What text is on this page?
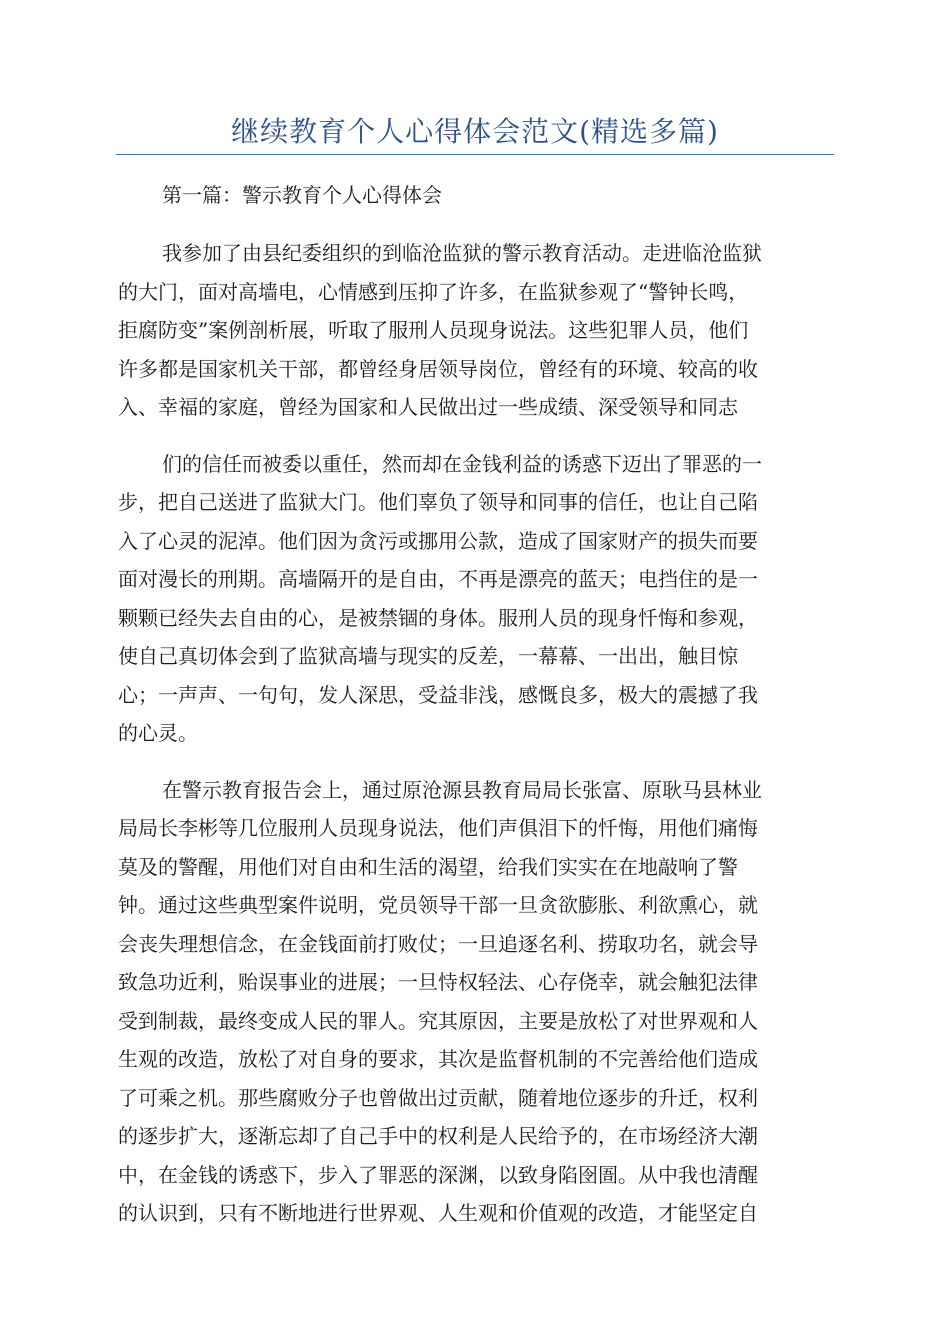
继续教育个人心得体会范文(精选多篇)
第一篇：警示教育个人心得体会
我参加了由县纪委组织的到临沧监狱的警示教育活动。走进临沧监狱
的大门，面对高墙电，心情感到压抑了许多，在监狱参观了“警钟长鸣，
拒腐防变”案例剖析展，听取了服刑人员现身说法。这些犯罪人员，他们
许多都是国家机关干部，都曾经身居领导岗位，曾经有的环境、较高的收
入、幸福的家庭，曾经为国家和人民做出过一些成绩、深受领导和同志
们的信任而被委以重任，然而却在金钱利益的诱惑下迈出了罪恶的一
步，把自己送进了监狱大门。他们辜负了领导和同事的信任，也让自己陷
入了心灵的泥淖。他们因为贪污或挪用公款，造成了国家财产的损失而要
面对漫长的刑期。高墙隔开的是自由，不再是漂亮的蓝天；电挡住的是一
颗颗已经失去自由的心，是被禁锢的身体。服刑人员的现身忏悔和参观，
使自己真切体会到了监狱高墙与现实的反差，一幕幕、一出出，触目惊
心；一声声、一句句，发人深思，受益非浅，感慨良多，极大的震撼了我
的心灵。
在警示教育报告会上，通过原沧源县教育局局长张富、原耿马县林业
局局长李彬等几位服刑人员现身说法，他们声俱泪下的忏悔，用他们痛悔
莫及的警醒，用他们对自由和生活的渴望，给我们实实在在地敲响了警
钟。通过这些典型案件说明，党员领导干部一旦贪欲膨胀、利欲熏心，就
会丧失理想信念，在金钱面前打败仗；一旦追逐名利、捞取功名，就会导
致急功近利，贻误事业的进展；一旦恃权轻法、心存侥幸，就会触犯法律
受到制裁，最终变成人民的罪人。究其原因，主要是放松了对世界观和人
生观的改造，放松了对自身的要求，其次是监督机制的不完善给他们造成
了可乘之机。那些腐败分子也曾做出过贡献，随着地位逐步的升迁，权利
的逐步扩大，逐渐忘却了自己手中的权利是人民给予的，在市场经济大潮
中，在金钱的诱惑下，步入了罪恶的深渊，以致身陷囹圄。从中我也清醒
的认识到，只有不断地进行世界观、人生观和价值观的改造，才能坚定自
